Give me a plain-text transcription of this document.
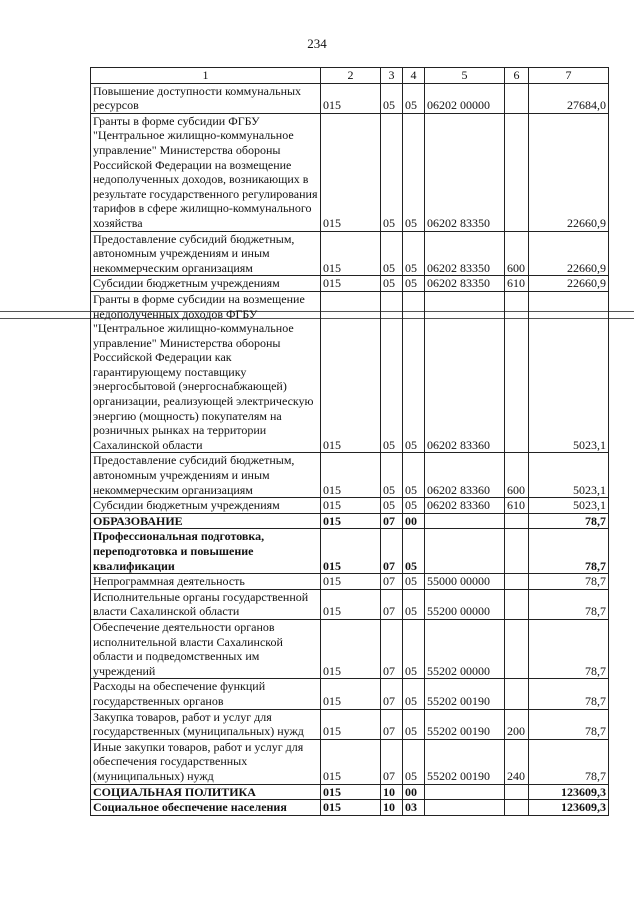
234
1	2	3	4	5	6	7
Повышение доступности коммунальных ресурсов	015	05	05	06202 00000		27684,0
Гранты в форме субсидии ФГБУ "Центральное жилищно-коммунальное управление" Министерства обороны Российской Федерации на возмещение недополученных доходов, возникающих в результате государственного регулирования тарифов в сфере жилищно-коммунального хозяйства	015	05	05	06202 83350		22660,9
Предоставление субсидий бюджетным, автономным учреждениям и иным некоммерческим организациям	015	05	05	06202 83350	600	22660,9
Субсидии бюджетным учреждениям	015	05	05	06202 83350	610	22660,9
Гранты в форме субсидии на возмещение недополученных доходов ФГБУ "Центральное жилищно-коммунальное управление" Министерства обороны Российской Федерации как гарантирующему поставщику энергосбытовой (энергоснабжающей) организации, реализующей электрическую энергию (мощность) покупателям на розничных рынках на территории Сахалинской области	015	05	05	06202 83360		5023,1
Предоставление субсидий бюджетным, автономным учреждениям и иным некоммерческим организациям	015	05	05	06202 83360	600	5023,1
Субсидии бюджетным учреждениям	015	05	05	06202 83360	610	5023,1
ОБРАЗОВАНИЕ	015	07	00			78,7
Профессиональная подготовка, переподготовка и повышение квалификации	015	07	05			78,7
Непрограммная деятельность	015	07	05	55000 00000		78,7
Исполнительные органы государственной власти Сахалинской области	015	07	05	55200 00000		78,7
Обеспечение деятельности органов исполнительной власти Сахалинской области и подведомственных им учреждений	015	07	05	55202 00000		78,7
Расходы на обеспечение функций государственных органов	015	07	05	55202 00190		78,7
Закупка товаров, работ и услуг для государственных (муниципальных) нужд	015	07	05	55202 00190	200	78,7
Иные закупки товаров, работ и услуг для обеспечения государственных (муниципальных) нужд	015	07	05	55202 00190	240	78,7
СОЦИАЛЬНАЯ ПОЛИТИКА	015	10	00			123609,3
Социальное обеспечение населения	015	10	03			123609,3
